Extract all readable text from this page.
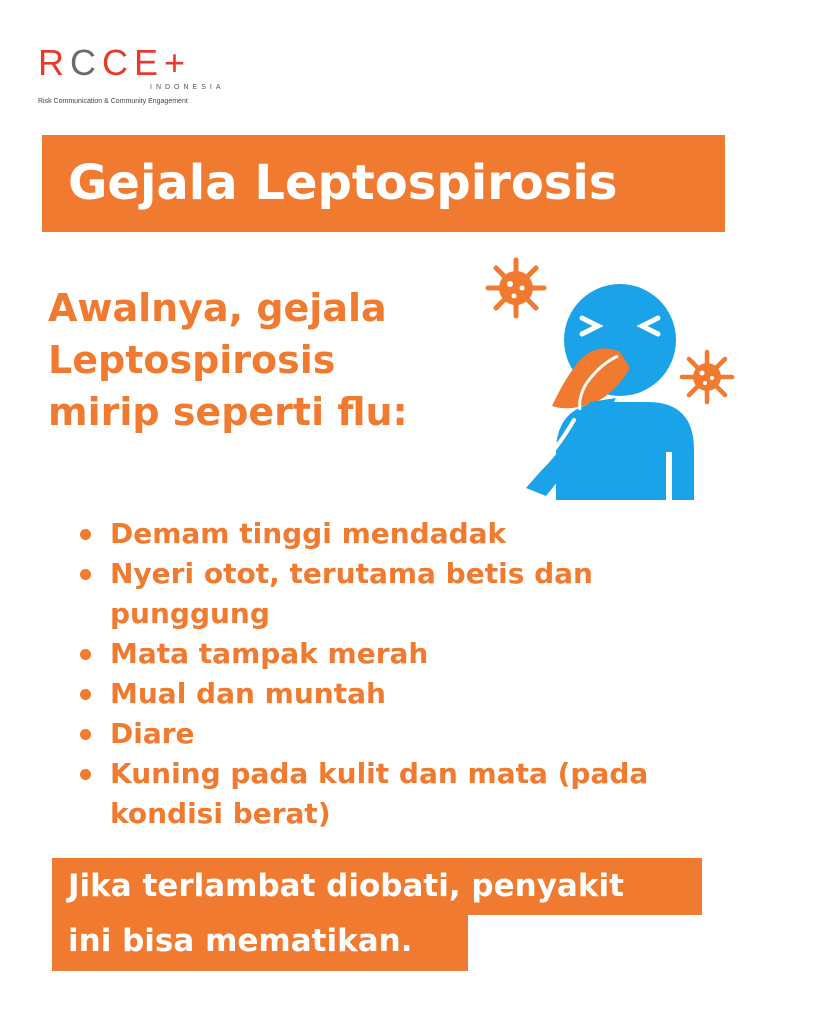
RCCE+
INDONESIA
Risk Communication & Community Engagement
Gejala Leptospirosis
Awalnya, gejala
Leptospirosis
mirip seperti flu:
Demam tinggi mendadak
Nyeri otot, terutama betis dan punggung
Mata tampak merah
Mual dan muntah
Diare
Kuning pada kulit dan mata (pada kondisi berat)
Jika terlambat diobati, penyakit
ini bisa mematikan.
